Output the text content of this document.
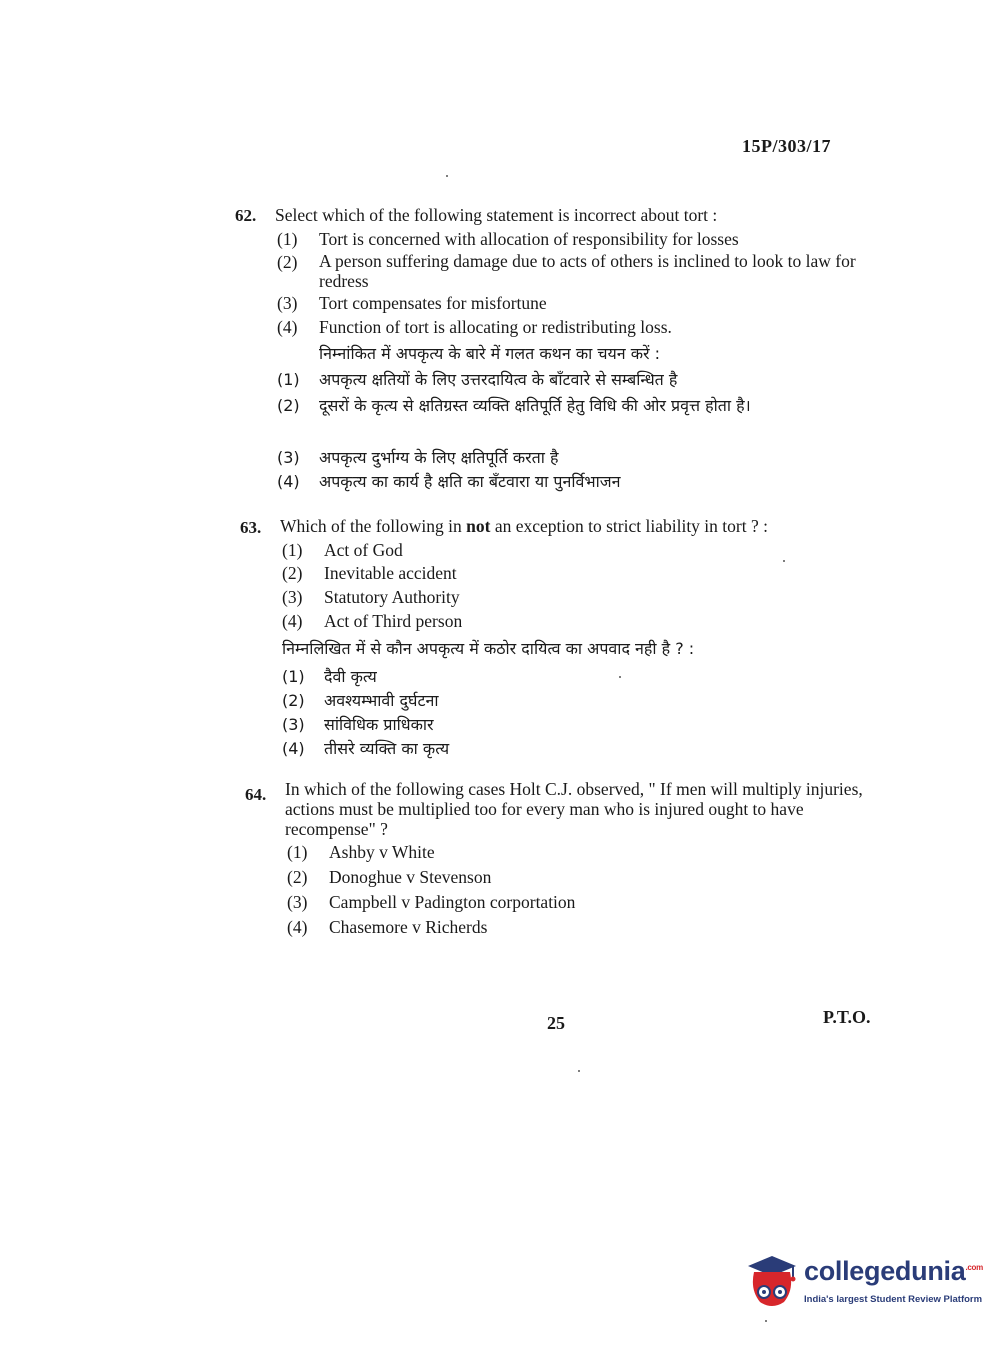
15P/303/17
62. Select which of the following statement is incorrect about tort :
(1)	Tort is concerned with allocation of responsibility for losses
(2)	A person suffering damage due to acts of others is inclined to look to law for redress
(3)	Tort compensates for misfortune
(4)	Function of tort is allocating or redistributing loss.
निम्नांकित में अपकृत्य के बारे में गलत कथन का चयन करें :
(1)	अपकृत्य क्षतियों के लिए उत्तरदायित्व के बाँटवारे से सम्बन्धित है
(2)	दूसरों के कृत्य से क्षतिग्रस्त व्यक्ति क्षतिपूर्ति हेतु विधि की ओर प्रवृत्त होता है।
(3)	अपकृत्य दुर्भाग्य के लिए क्षतिपूर्ति करता है
(4)	अपकृत्य का कार्य है क्षति का बँटवारा या पुनर्विभाजन
63. Which of the following in not an exception to strict liability in tort ? :
(1)	Act of God
(2)	Inevitable accident
(3)	Statutory Authority
(4)	Act of Third person
निम्नलिखित में से कौन अपकृत्य में कठोर दायित्व का अपवाद नही है ? :
(1)	दैवी कृत्य
(2)	अवश्यम्भावी दुर्घटना
(3)	सांविधिक प्राधिकार
(4)	तीसरे व्यक्ति का कृत्य
64. In which of the following cases Holt C.J. observed, " If men will multiply injuries, actions must be multiplied too for every man who is injured ought to have recompense" ?
(1)	Ashby v White
(2)	Donoghue v Stevenson
(3)	Campbell v Padington corportation
(4)	Chasemore v Richerds
25	P.T.O.
collegedunia$^{.com}$
India's largest Student Review Platform
